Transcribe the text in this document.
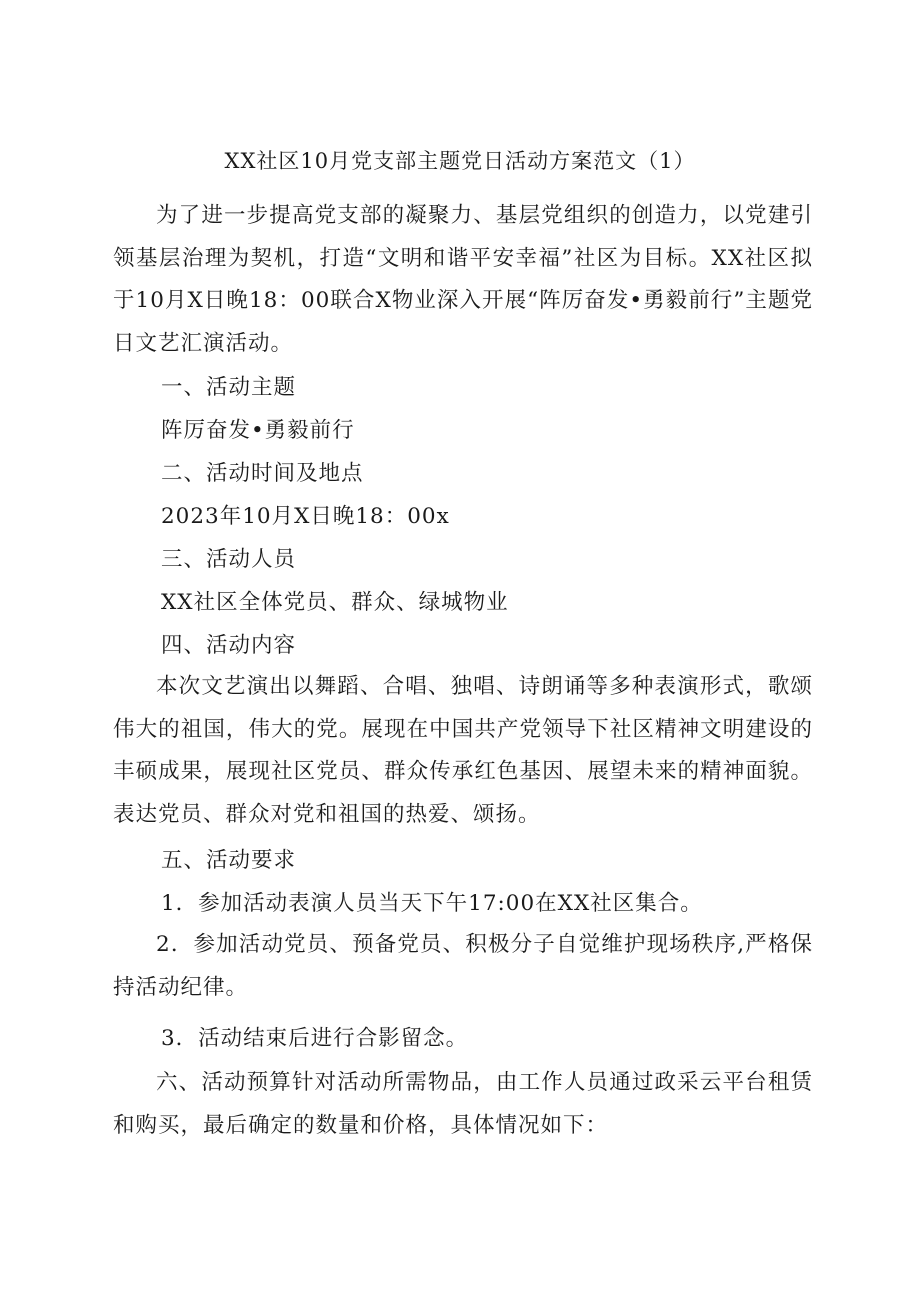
XX社区10月党支部主题党日活动方案范文（1）
为了进一步提高党支部的凝聚力、基层党组织的创造力，以党建引领基层治理为契机，打造“文明和谐平安幸福”社区为目标。XX社区拟于10月X日晚18：00联合X物业深入开展“阵厉奋发•勇毅前行”主题党日文艺汇演活动。
一、活动主题
阵厉奋发•勇毅前行
二、活动时间及地点
2023年10月X日晚18：00x
三、活动人员
XX社区全体党员、群众、绿城物业
四、活动内容
本次文艺演出以舞蹈、合唱、独唱、诗朗诵等多种表演形式，歌颂伟大的祖国，伟大的党。展现在中国共产党领导下社区精神文明建设的丰硕成果，展现社区党员、群众传承红色基因、展望未来的精神面貌。表达党员、群众对党和祖国的热爱、颂扬。
五、活动要求
1．参加活动表演人员当天下午17:00在XX社区集合。
2．参加活动党员、预备党员、积极分子自觉维护现场秩序,严格保持活动纪律。
3．活动结束后进行合影留念。
六、活动预算针对活动所需物品，由工作人员通过政采云平台租赁和购买，最后确定的数量和价格，具体情况如下：
